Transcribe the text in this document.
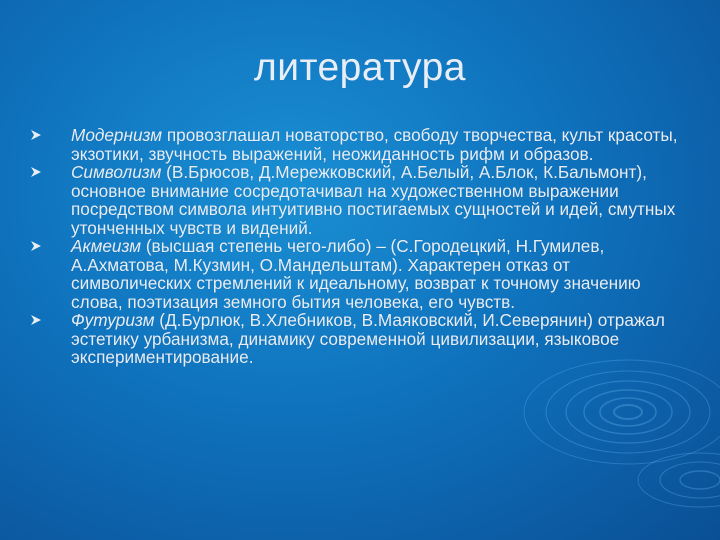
литература
Модернизм провозглашал новаторство, свободу творчества, культ красоты, экзотики, звучность выражений, неожиданность рифм и образов.
Символизм (В.Брюсов, Д.Мережковский, А.Белый, А.Блок, К.Бальмонт), основное внимание сосредотачивал на художественном выражении посредством символа интуитивно постигаемых сущностей и идей, смутных утонченных чувств и видений.
Акмеизм (высшая степень чего-либо) – (С.Городецкий, Н.Гумилев, А.Ахматова, М.Кузмин, О.Мандельштам). Характерен отказ от символических стремлений к идеальному, возврат к точному значению слова, поэтизация земного бытия человека, его чувств.
Футуризм (Д.Бурлюк, В.Хлебников, В.Маяковский, И.Северянин) отражал эстетику урбанизма, динамику современной цивилизации, языковое экспериментирование.
